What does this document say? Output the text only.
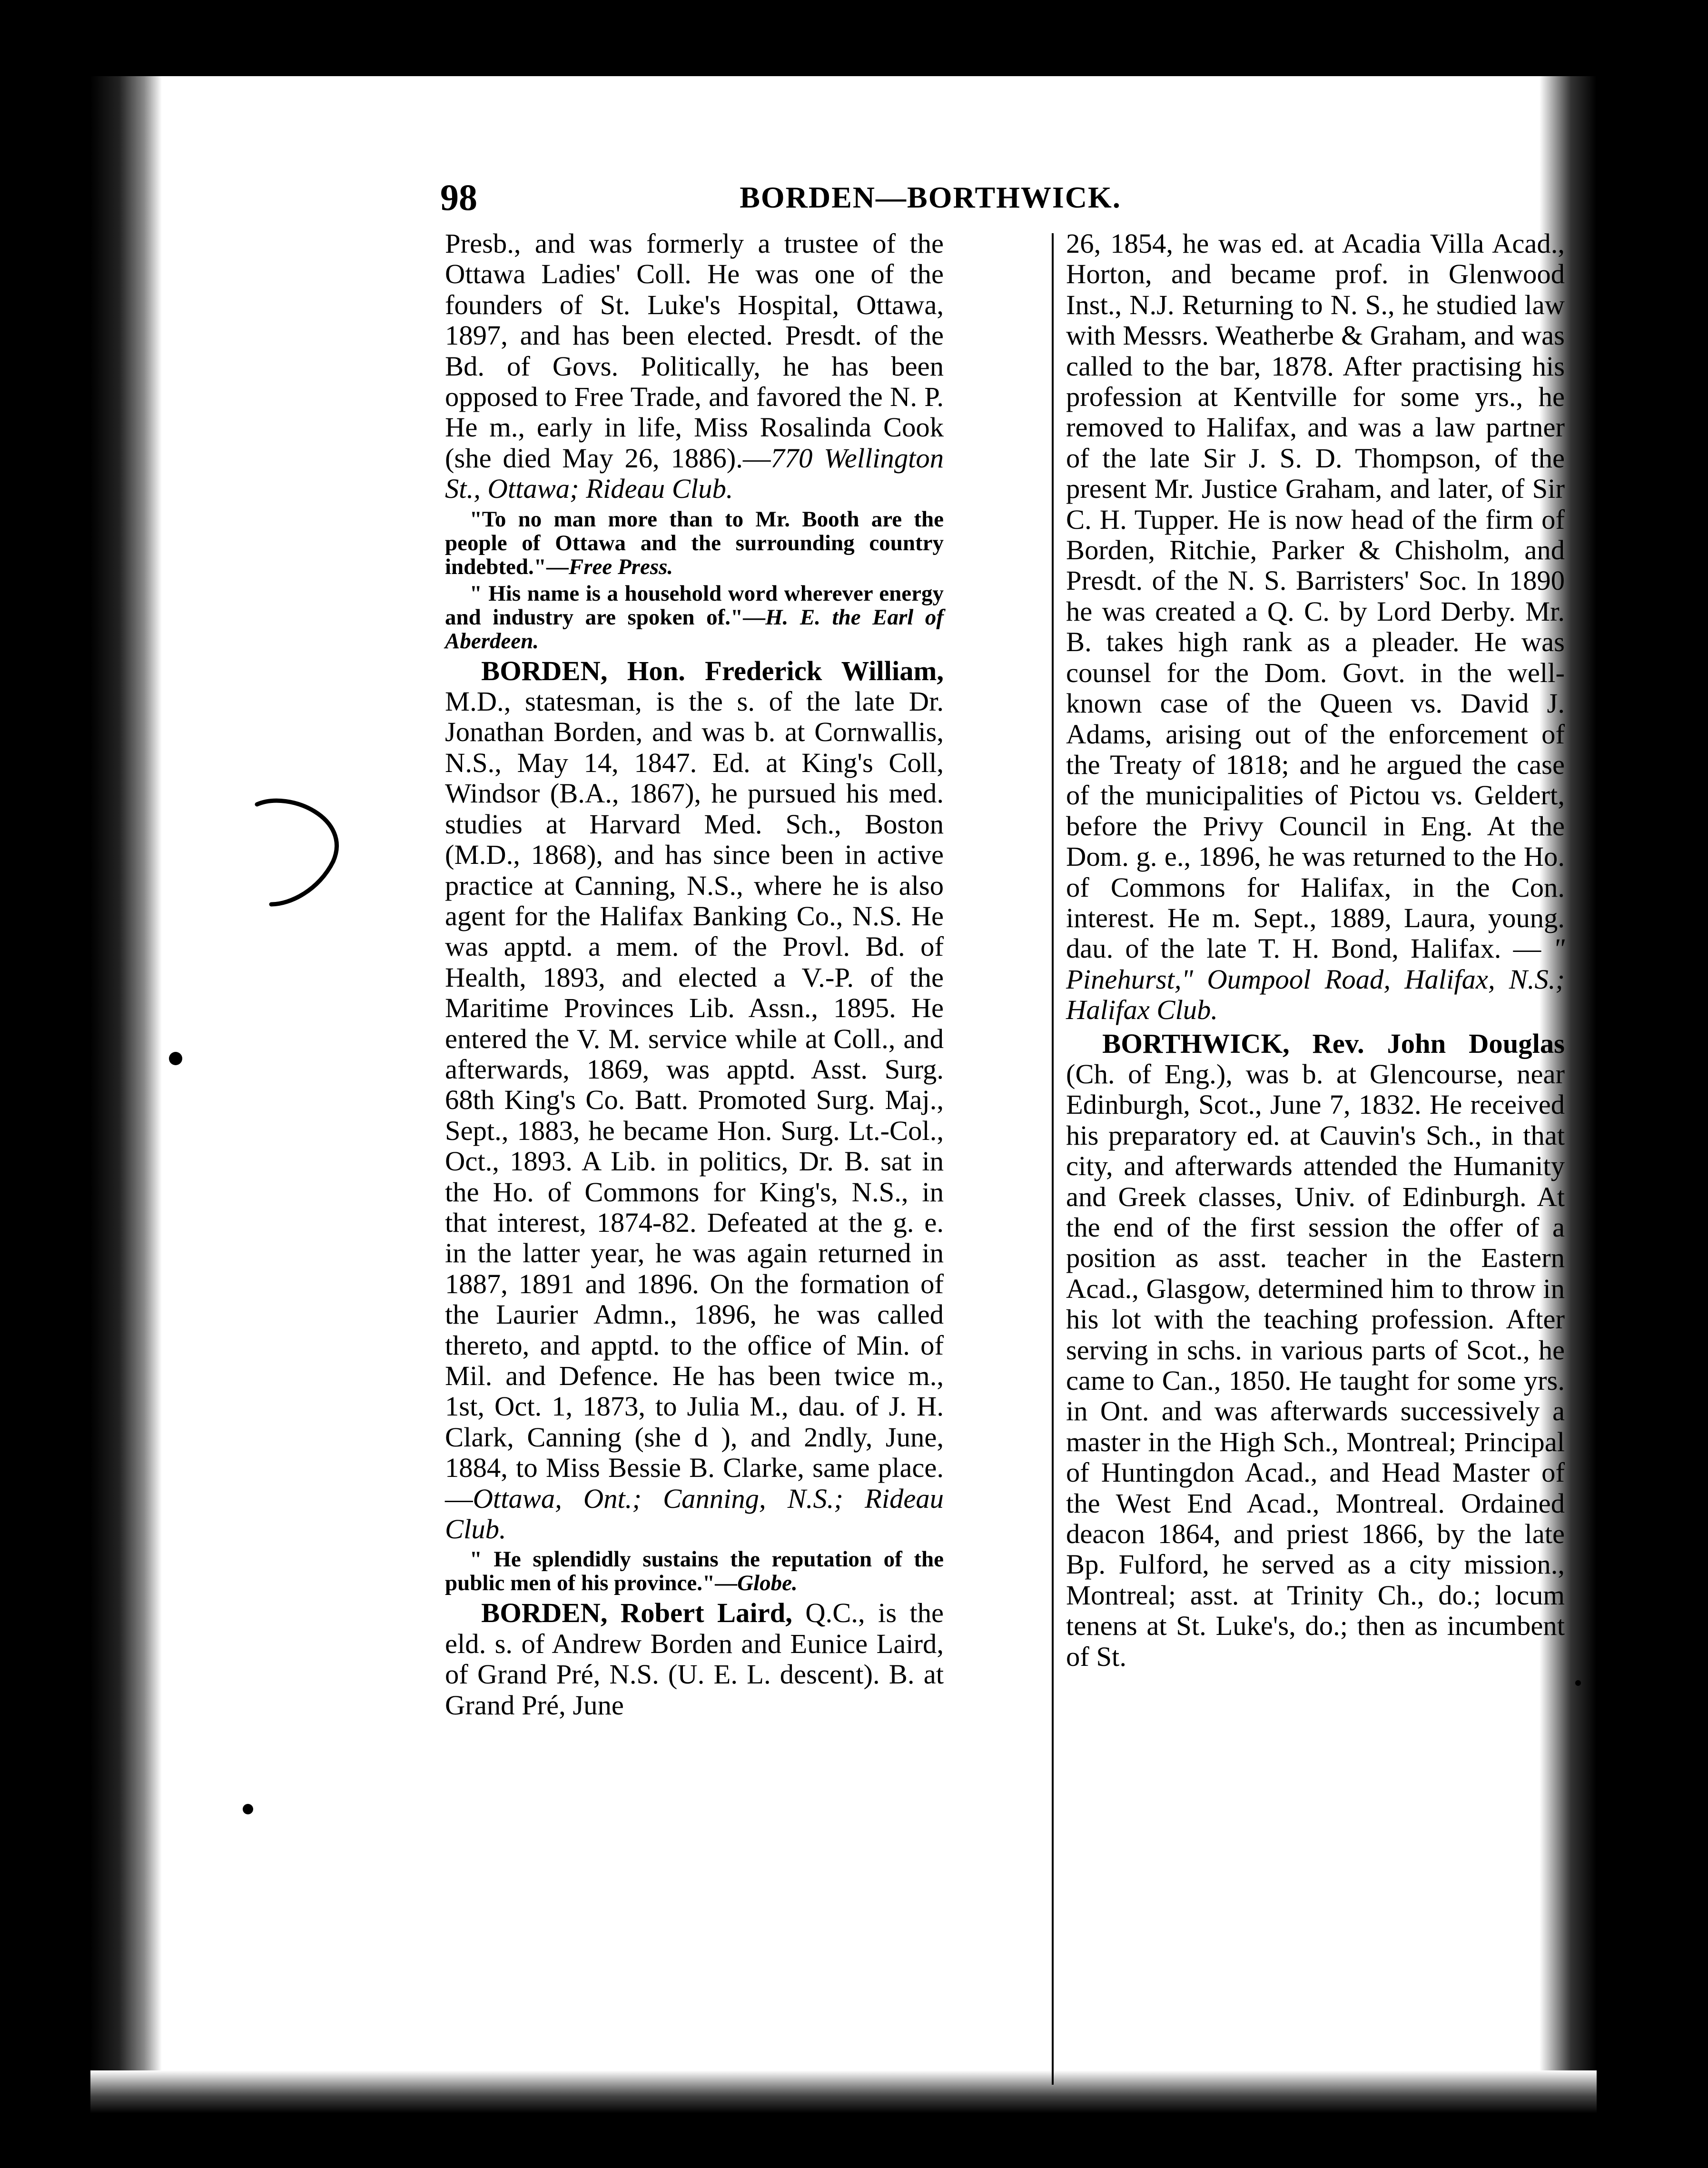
98	BORDEN—BORTHWICK.

Presb., and was formerly a trustee of the Ottawa Ladies' Coll. He was one of the founders of St. Luke's Hospital, Ottawa, 1897, and has been elected. Presdt. of the Bd. of Govs. Politically, he has been opposed to Free Trade, and favored the N. P. He m., early in life, Miss Rosalinda Cook (she died May 26, 1886).—770 Wellington St., Ottawa; Rideau Club.

"To no man more than to Mr. Booth are the people of Ottawa and the surrounding country indebted."—Free Press.

" His name is a household word wherever energy and industry are spoken of."—H. E. the Earl of Aberdeen.

BORDEN, Hon. Frederick William, M.D., statesman, is the s. of the late Dr. Jonathan Borden, and was b. at Cornwallis, N.S., May 14, 1847. Ed. at King's Coll, Windsor (B.A., 1867), he pursued his med. studies at Harvard Med. Sch., Boston (M.D., 1868), and has since been in active practice at Canning, N.S., where he is also agent for the Halifax Banking Co., N.S. He was apptd. a mem. of the Provl. Bd. of Health, 1893, and elected a V.-P. of the Maritime Provinces Lib. Assn., 1895. He entered the V. M. service while at Coll., and afterwards, 1869, was apptd. Asst. Surg. 68th King's Co. Batt. Promoted Surg. Maj., Sept., 1883, he became Hon. Surg. Lt.-Col., Oct., 1893. A Lib. in politics, Dr. B. sat in the Ho. of Commons for King's, N.S., in that interest, 1874-82. Defeated at the g. e. in the latter year, he was again returned in 1887, 1891 and 1896. On the formation of the Laurier Admn., 1896, he was called thereto, and apptd. to the office of Min. of Mil. and Defence. He has been twice m., 1st, Oct. 1, 1873, to Julia M., dau. of J. H. Clark, Canning (she d ), and 2ndly, June, 1884, to Miss Bessie B. Clarke, same place.—Ottawa, Ont.; Canning, N.S.; Rideau Club.

" He splendidly sustains the reputation of the public men of his province."—Globe.

BORDEN, Robert Laird, Q.C., is the eld. s. of Andrew Borden and Eunice Laird, of Grand Pré, N.S. (U. E. L. descent). B. at Grand Pré, June

26, 1854, he was ed. at Acadia Villa Acad., Horton, and became prof. in Glenwood Inst., N.J. Returning to N. S., he studied law with Messrs. Weatherbe & Graham, and was called to the bar, 1878. After practising his profession at Kentville for some yrs., he removed to Halifax, and was a law partner of the late Sir J. S. D. Thompson, of the present Mr. Justice Graham, and later, of Sir C. H. Tupper. He is now head of the firm of Borden, Ritchie, Parker & Chisholm, and Presdt. of the N. S. Barristers' Soc. In 1890 he was created a Q. C. by Lord Derby. Mr. B. takes high rank as a pleader. He was counsel for the Dom. Govt. in the well-known case of the Queen vs. David J. Adams, arising out of the enforcement of the Treaty of 1818; and he argued the case of the municipalities of Pictou vs. Geldert, before the Privy Council in Eng. At the Dom. g. e., 1896, he was returned to the Ho. of Commons for Halifax, in the Con. interest. He m. Sept., 1889, Laura, young. dau. of the late T. H. Bond, Halifax. — " Pinehurst," Oumpool Road, Halifax, N.S.; Halifax Club.

BORTHWICK, Rev. John Douglas (Ch. of Eng.), was b. at Glencourse, near Edinburgh, Scot., June 7, 1832. He received his preparatory ed. at Cauvin's Sch., in that city, and afterwards attended the Humanity and Greek classes, Univ. of Edinburgh. At the end of the first session the offer of a position as asst. teacher in the Eastern Acad., Glasgow, determined him to throw in his lot with the teaching profession. After serving in schs. in various parts of Scot., he came to Can., 1850. He taught for some yrs. in Ont. and was afterwards successively a master in the High Sch., Montreal; Principal of Huntingdon Acad., and Head Master of the West End Acad., Montreal. Ordained deacon 1864, and priest 1866, by the late Bp. Fulford, he served as a city mission., Montreal; asst. at Trinity Ch., do.; locum tenens at St. Luke's, do.; then as incumbent of St.
